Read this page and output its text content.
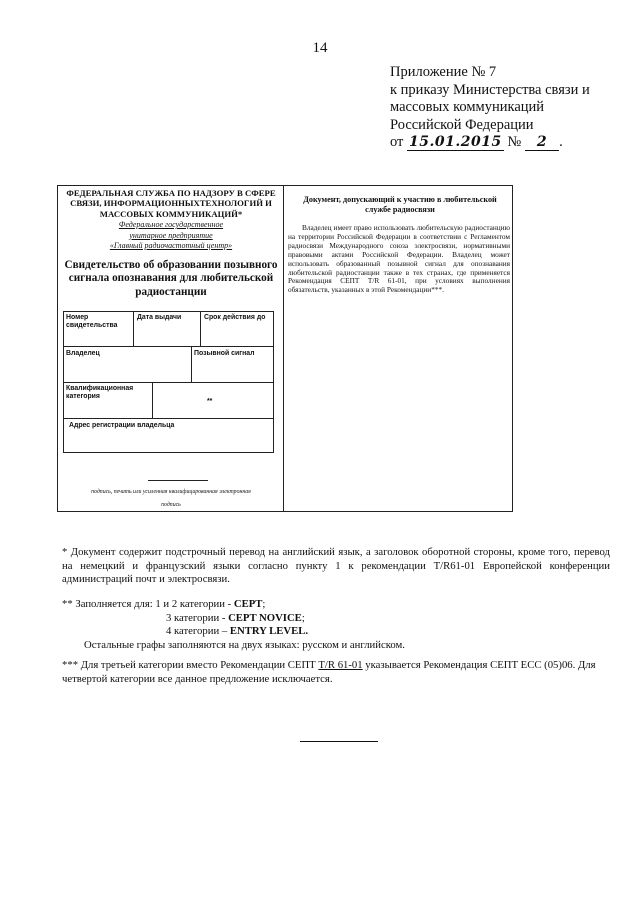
14
Приложение № 7
к приказу Министерства связи и
массовых коммуникаций
Российской Федерации
от 15.01.2015 № 2 .
ФЕДЕРАЛЬНАЯ СЛУЖБА ПО НАДЗОРУ В СФЕРЕ СВЯЗИ, ИНФОРМАЦИОННЫХТЕХНОЛОГИЙ И МАССОВЫХ КОММУНИКАЦИЙ*
Федеральное государственное
унитарное предприятие
«Главный радиочастотный центр»
Свидетельство об образовании позывного сигнала опознавания для любительской радиостанции
Номер свидетельства
Дата выдачи	Срок действия до
Владелец	Позывной сигнал
Квалификационная категория
**
Адрес регистрации владельца
подпись, печать или усиленная квалифицированная электронная
подпись
Документ, допускающий к участию в любительской службе радиосвязи
Владелец имеет право использовать любительскую радиостанцию на территории Российской Федерации в соответствии с Регламентом радиосвязи Международного союза электросвязи, нормативными правовыми актами Российской Федерации. Владелец может использовать образованный позывной сигнал для опознавания любительской радиостанции также в тех странах, где применяется Рекомендация СЕПТ T/R 61-01, при условиях выполнения обязательств, указанных в этой Рекомендации***.
* Документ содержит подстрочный перевод на английский язык, а заголовок оборотной стороны, кроме того, перевод на немецкий и французский языки согласно пункту 1 к рекомендации T/R61-01 Европейской конференции администраций почт и электросвязи.
** Заполняется для: 1 и 2 категории - CEPT;
3 категории - CEPT NOVICE;
4 категории – ENTRY LEVEL.
Остальные графы заполняются на двух языках: русском и английском.
*** Для третьей категории вместо Рекомендации СЕПТ T/R 61-01 указывается Рекомендация СЕПТ ECC (05)06. Для четвертой категории все данное предложение исключается.
